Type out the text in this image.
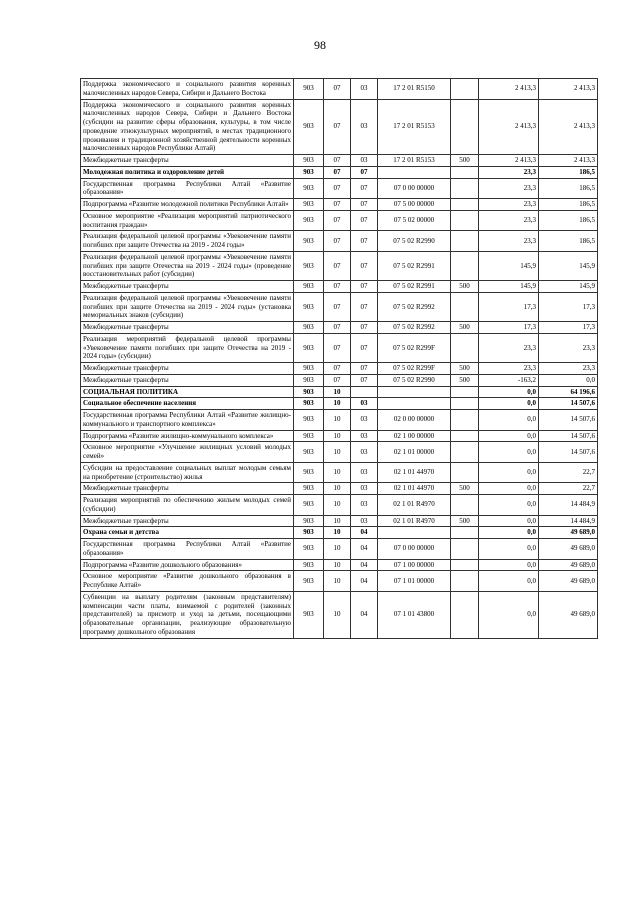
98
Поддержка экономического и социального развития коренных малочисленных народов Севера, Сибири и Дальнего Востока	903	07	03	17 2 01 R5150		2 413,3	2 413,3
Поддержка экономического и социального развития коренных малочисленных народов Севера, Сибири и Дальнего Востока (субсидии на развитие сферы образования, культуры, в том числе проведение этнокультурных мероприятий, в местах традиционного проживания и традиционной хозяйственной деятельности коренных малочисленных народов Республики Алтай)	903	07	03	17 2 01 R5153		2 413,3	2 413,3
Межбюджетные трансферты	903	07	03	17 2 01 R5153	500	2 413,3	2 413,3
Молодежная политика и оздоровление детей	903	07	07			23,3	186,5
Государственная программа Республики Алтай «Развитие образования»	903	07	07	07 0 00 00000		23,3	186,5
Подпрограмма «Развитие молодежной политики Республики Алтай»	903	07	07	07 5 00 00000		23,3	186,5
Основное мероприятие «Реализация мероприятий патриотического воспитания граждан»	903	07	07	07 5 02 00000		23,3	186,5
Реализация федеральной целевой программы «Увековечение памяти погибших при защите Отечества на 2019 - 2024 годы»	903	07	07	07 5 02 R2990		23,3	186,5
Реализация федеральной целевой программы «Увековечение памяти погибших при защите Отечества на 2019 - 2024 годы» (проведение восстановительных работ (субсидии)	903	07	07	07 5 02 R2991		145,9	145,9
Межбюджетные трансферты	903	07	07	07 5 02 R2991	500	145,9	145,9
Реализация федеральной целевой программы «Увековечение памяти погибших при защите Отечества на 2019 - 2024 годы» (установка мемориальных знаков (субсидии)	903	07	07	07 5 02 R2992		17,3	17,3
Межбюджетные трансферты	903	07	07	07 5 02 R2992	500	17,3	17,3
Реализация мероприятий федеральной целевой программы «Увековечение памяти погибших при защите Отечества на 2019 - 2024 годы» (субсидии)	903	07	07	07 5 02 R299F		23,3	23,3
Межбюджетные трансферты	903	07	07	07 5 02 R299F	500	23,3	23,3
Межбюджетные трансферты	903	07	07	07 5 02 R2990	500	-163,2	0,0
СОЦИАЛЬНАЯ ПОЛИТИКА	903	10				0,0	64 196,6
Социальное обеспечение населения	903	10	03			0,0	14 507,6
Государственная программа Республики Алтай «Развитие жилищно-коммунального и транспортного комплекса»	903	10	03	02 0 00 00000		0,0	14 507,6
Подпрограмма «Развитие жилищно-коммунального комплекса»	903	10	03	02 1 00 00000		0,0	14 507,6
Основное мероприятие «Улучшение жилищных условий молодых семей»	903	10	03	02 1 01 00000		0,0	14 507,6
Субсидии на предоставление социальных выплат молодым семьям на приобретение (строительство) жилья	903	10	03	02 1 01 44970		0,0	22,7
Межбюджетные трансферты	903	10	03	02 1 01 44970	500	0,0	22,7
Реализация мероприятий по обеспечению жильем молодых семей (субсидии)	903	10	03	02 1 01 R4970		0,0	14 484,9
Межбюджетные трансферты	903	10	03	02 1 01 R4970	500	0,0	14 484,9
Охрана семьи и детства	903	10	04			0,0	49 689,0
Государственная программа Республики Алтай «Развитие образования»	903	10	04	07 0 00 00000		0,0	49 689,0
Подпрограмма «Развитие дошкольного образования»	903	10	04	07 1 00 00000		0,0	49 689,0
Основное мероприятие «Развитие дошкольного образования в Республике Алтай»	903	10	04	07 1 01 00000		0,0	49 689,0
Субвенции на выплату родителям (законным представителям) компенсации части платы, взимаемой с родителей (законных представителей) за присмотр и уход за детьми, посещающими образовательные организации, реализующие образовательную программу дошкольного образования	903	10	04	07 1 01 43800		0,0	49 689,0
